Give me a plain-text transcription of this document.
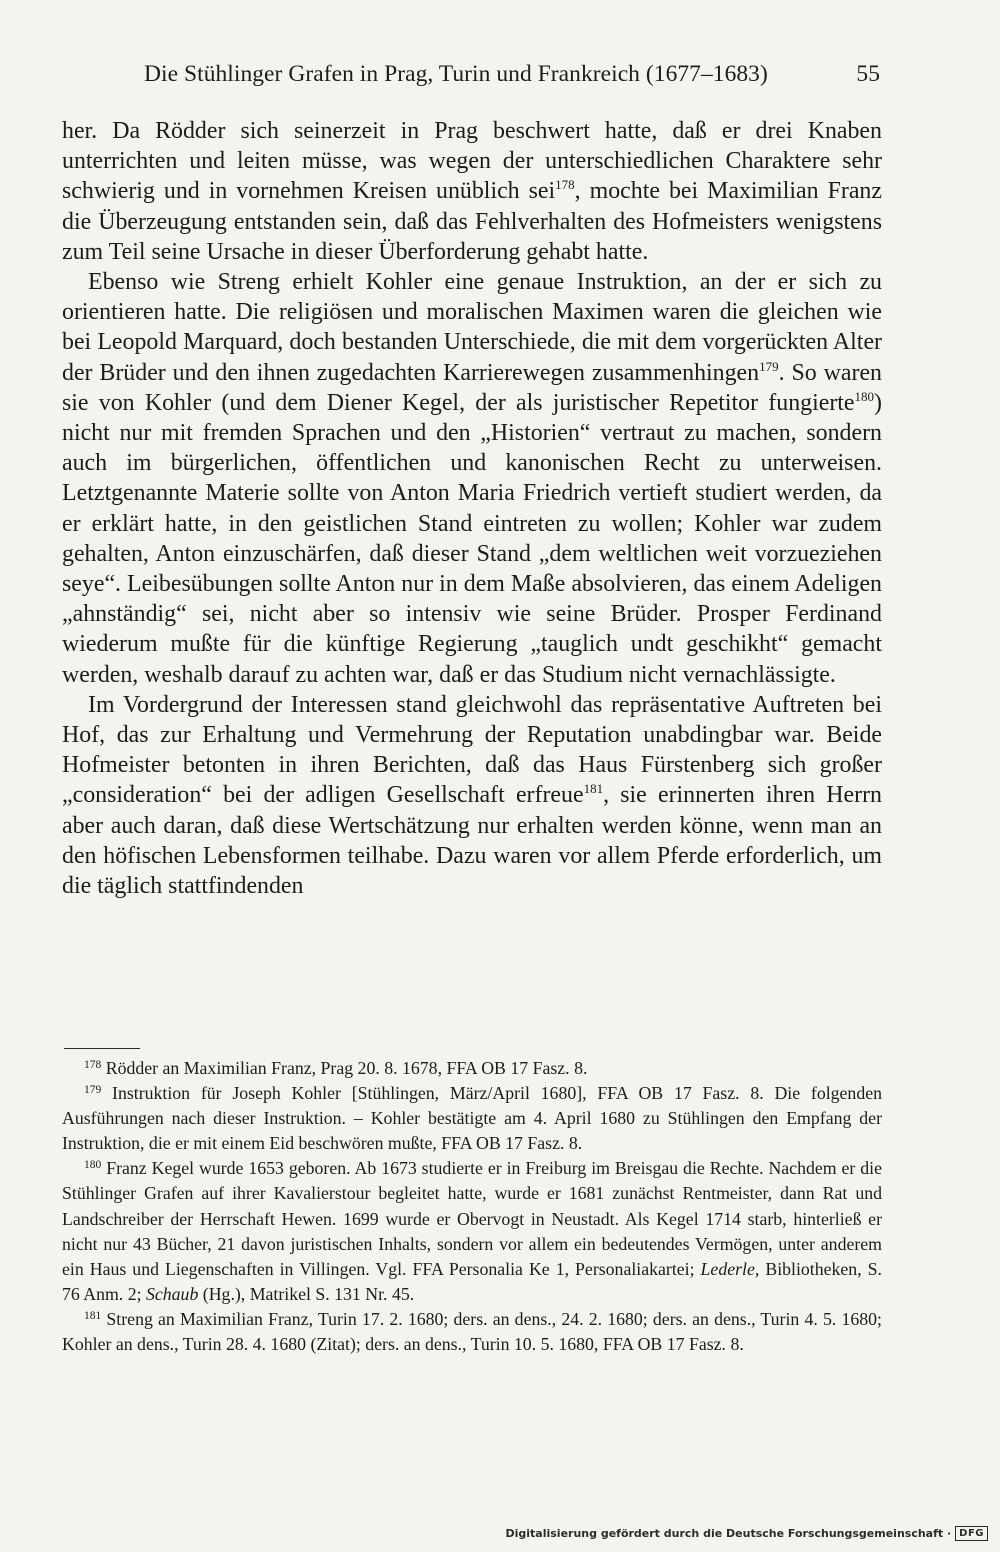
Die Stühlinger Grafen in Prag, Turin und Frankreich (1677–1683)	55

her. Da Rödder sich seinerzeit in Prag beschwert hatte, daß er drei Knaben unterrichten und leiten müsse, was wegen der unterschiedlichen Charaktere sehr schwierig und in vornehmen Kreisen unüblich sei$^{178}$, mochte bei Maximilian Franz die Überzeugung entstanden sein, daß das Fehlverhalten des Hofmeisters wenigstens zum Teil seine Ursache in dieser Überforderung gehabt hatte.

Ebenso wie Streng erhielt Kohler eine genaue Instruktion, an der er sich zu orientieren hatte. Die religiösen und moralischen Maximen waren die gleichen wie bei Leopold Marquard, doch bestanden Unterschiede, die mit dem vorgerückten Alter der Brüder und den ihnen zugedachten Karrierewegen zusammenhingen$^{179}$. So waren sie von Kohler (und dem Diener Kegel, der als juristischer Repetitor fungierte$^{180}$) nicht nur mit fremden Sprachen und den „Historien“ vertraut zu machen, sondern auch im bürgerlichen, öffentlichen und kanonischen Recht zu unterweisen. Letztgenannte Materie sollte von Anton Maria Friedrich vertieft studiert werden, da er erklärt hatte, in den geistlichen Stand eintreten zu wollen; Kohler war zudem gehalten, Anton einzuschärfen, daß dieser Stand „dem weltlichen weit vorzueziehen seye“. Leibesübungen sollte Anton nur in dem Maße absolvieren, das einem Adeligen „ahnständig“ sei, nicht aber so intensiv wie seine Brüder. Prosper Ferdinand wiederum mußte für die künftige Regierung „tauglich undt geschikht“ gemacht werden, weshalb darauf zu achten war, daß er das Studium nicht vernachlässigte.

Im Vordergrund der Interessen stand gleichwohl das repräsentative Auftreten bei Hof, das zur Erhaltung und Vermehrung der Reputation unabdingbar war. Beide Hofmeister betonten in ihren Berichten, daß das Haus Fürstenberg sich großer „consideration“ bei der adligen Gesellschaft erfreue$^{181}$, sie erinnerten ihren Herrn aber auch daran, daß diese Wertschätzung nur erhalten werden könne, wenn man an den höfischen Lebensformen teilhabe. Dazu waren vor allem Pferde erforderlich, um die täglich stattfindenden

$^{178}$ Rödder an Maximilian Franz, Prag 20. 8. 1678, FFA OB 17 Fasz. 8.

$^{179}$ Instruktion für Joseph Kohler [Stühlingen, März/April 1680], FFA OB 17 Fasz. 8. Die folgenden Ausführungen nach dieser Instruktion. – Kohler bestätigte am 4. April 1680 zu Stühlingen den Empfang der Instruktion, die er mit einem Eid beschwören mußte, FFA OB 17 Fasz. 8.

$^{180}$ Franz Kegel wurde 1653 geboren. Ab 1673 studierte er in Freiburg im Breisgau die Rechte. Nachdem er die Stühlinger Grafen auf ihrer Kavalierstour begleitet hatte, wurde er 1681 zunächst Rentmeister, dann Rat und Landschreiber der Herrschaft Hewen. 1699 wurde er Obervogt in Neustadt. Als Kegel 1714 starb, hinterließ er nicht nur 43 Bücher, 21 davon juristischen Inhalts, sondern vor allem ein bedeutendes Vermögen, unter anderem ein Haus und Liegenschaften in Villingen. Vgl. FFA Personalia Ke 1, Personaliakartei; Lederle, Bibliotheken, S. 76 Anm. 2; Schaub (Hg.), Matrikel S. 131 Nr. 45.

$^{181}$ Streng an Maximilian Franz, Turin 17. 2. 1680; ders. an dens., 24. 2. 1680; ders. an dens., Turin 4. 5. 1680; Kohler an dens., Turin 28. 4. 1680 (Zitat); ders. an dens., Turin 10. 5. 1680, FFA OB 17 Fasz. 8.

Digitalisierung gefördert durch die Deutsche Forschungsgemeinschaft · DFG
